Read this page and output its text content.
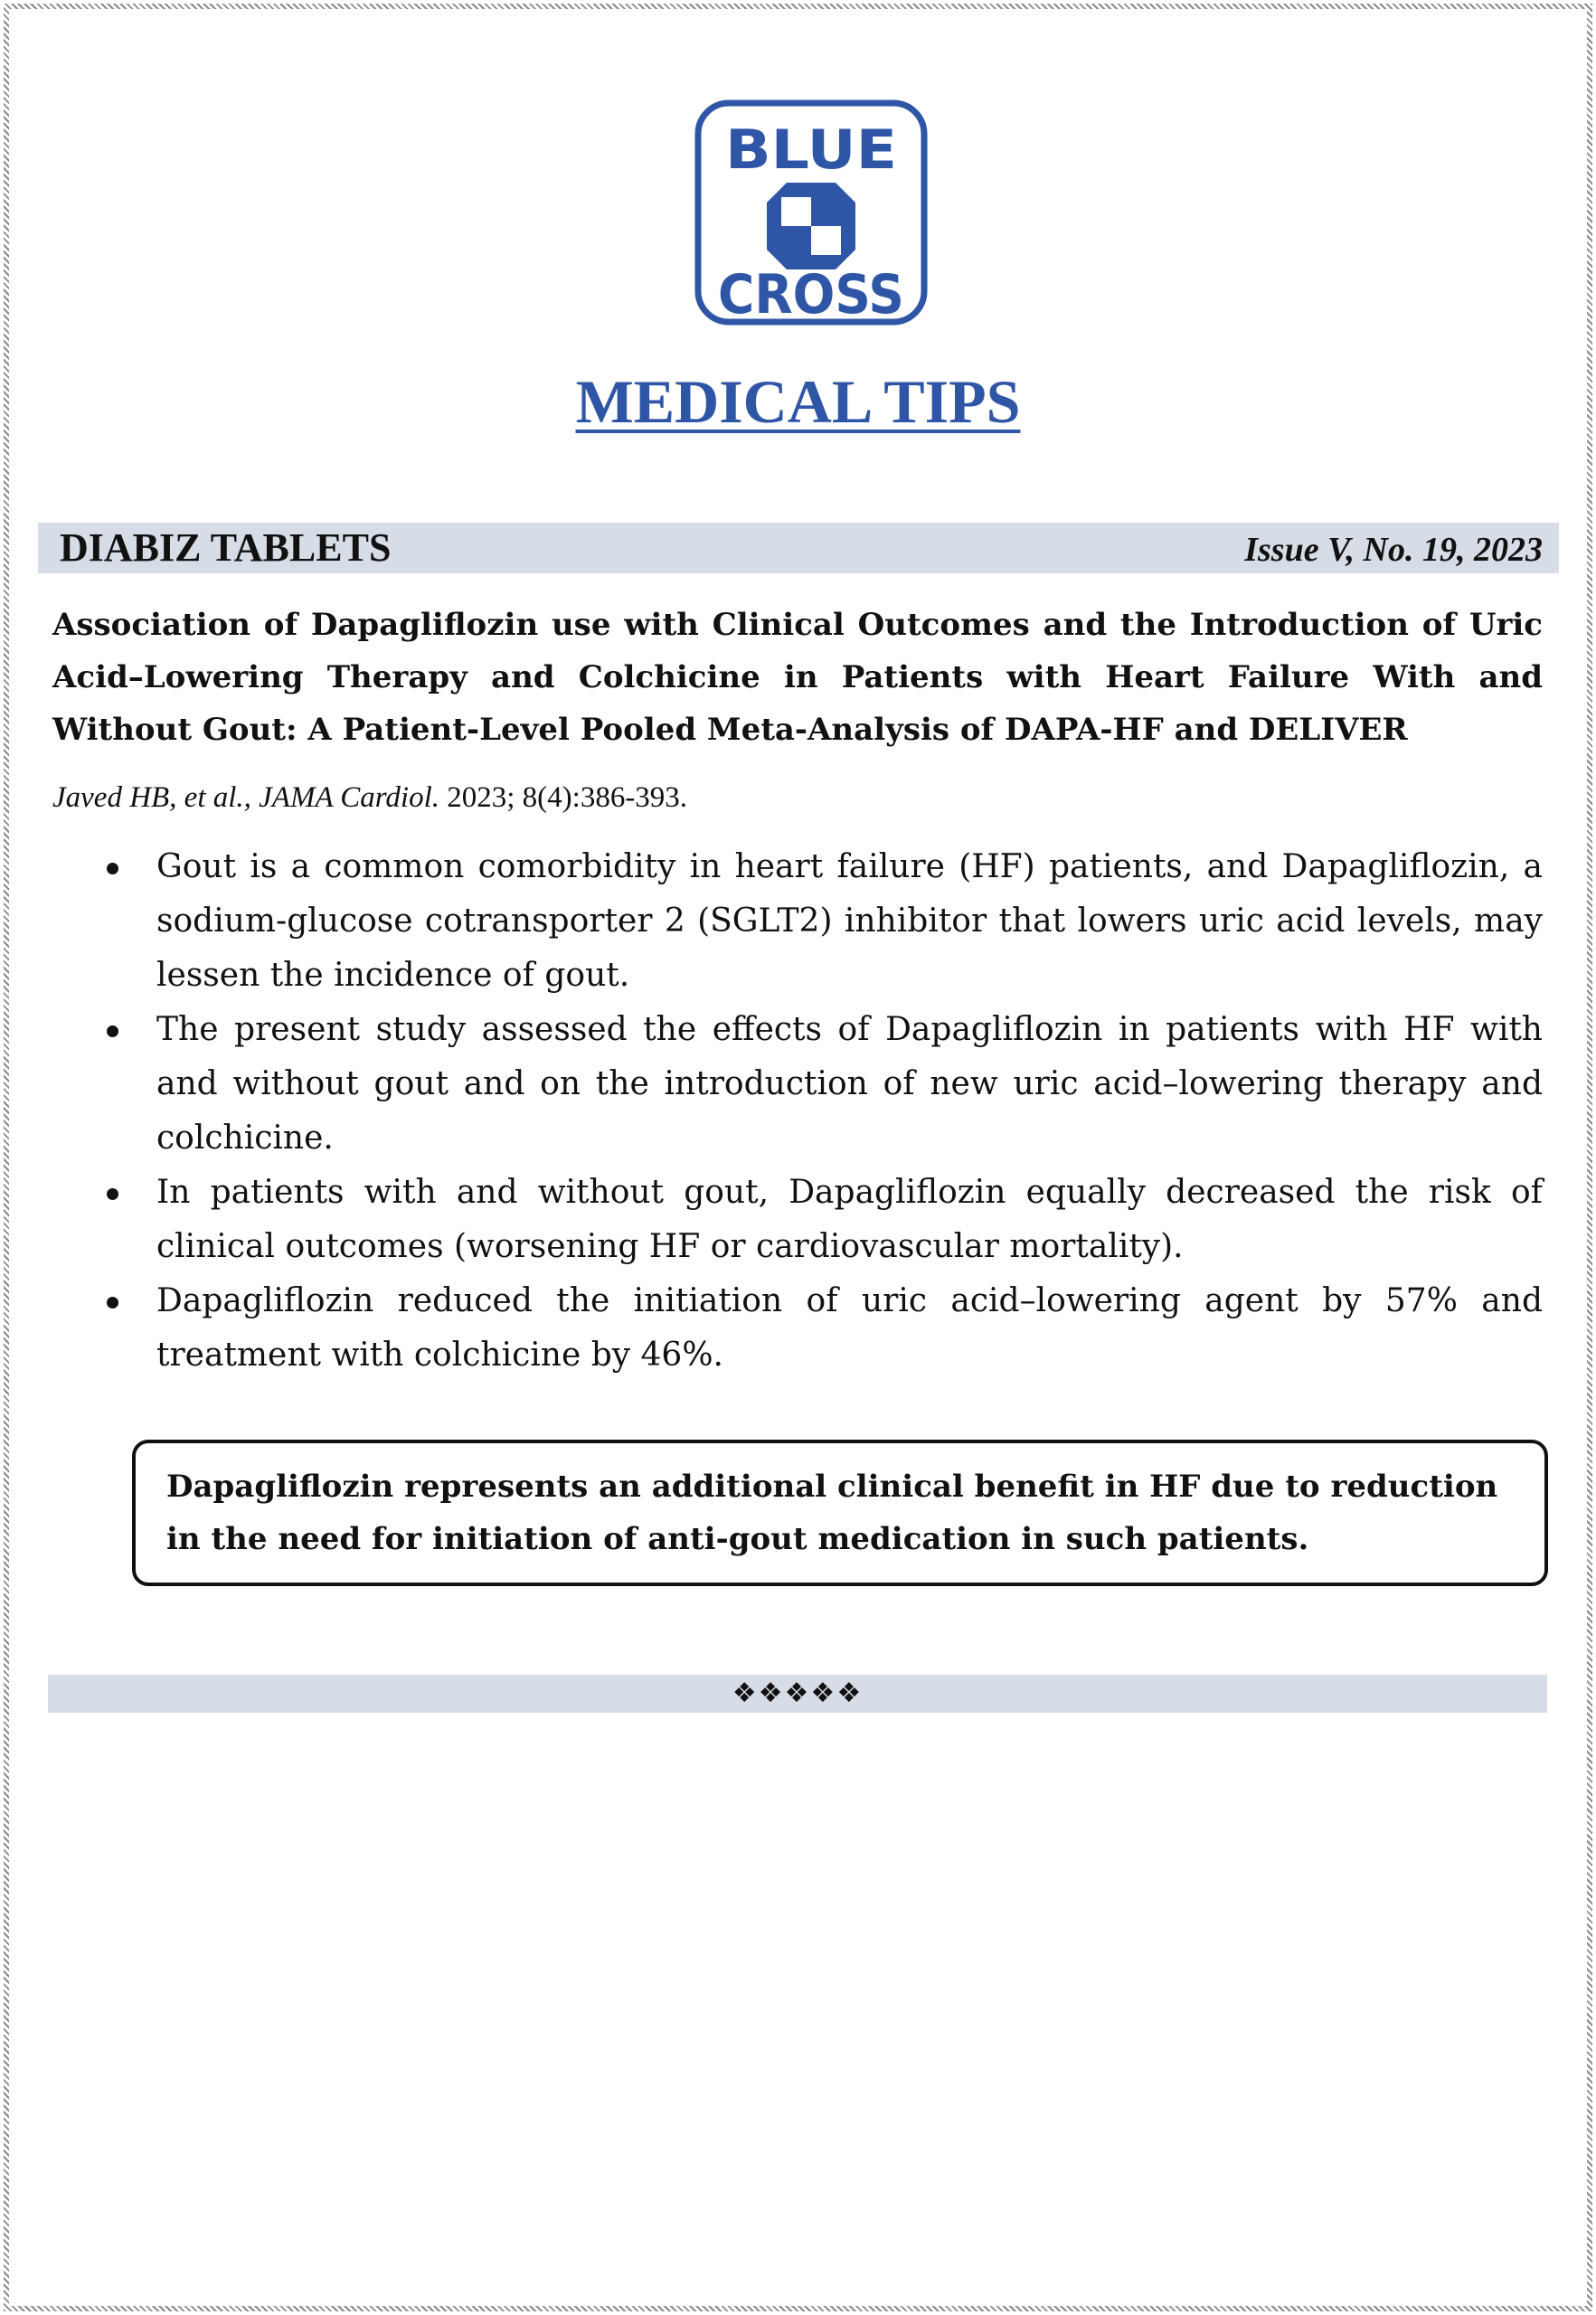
BLUE
CROSS
MEDICAL TIPS
DIABIZ TABLETS	Issue V, No. 19, 2023

Association of Dapagliflozin use with Clinical Outcomes and the Introduction of Uric Acid–Lowering Therapy and Colchicine in Patients with Heart Failure With and Without Gout: A Patient-Level Pooled Meta-Analysis of DAPA-HF and DELIVER

Javed HB, et al., JAMA Cardiol. 2023; 8(4):386-393.
Gout is a common comorbidity in heart failure (HF) patients, and Dapagliflozin, a sodium-glucose cotransporter 2 (SGLT2) inhibitor that lowers uric acid levels, may lessen the incidence of gout.
The present study assessed the effects of Dapagliflozin in patients with HF with and without gout and on the introduction of new uric acid–lowering therapy and colchicine.
In patients with and without gout, Dapagliflozin equally decreased the risk of clinical outcomes (worsening HF or cardiovascular mortality).
Dapagliflozin reduced the initiation of uric acid–lowering agent by 57% and treatment with colchicine by 46%.

Dapagliflozin represents an additional clinical benefit in HF due to reduction in the need for initiation of anti-gout medication in such patients.

❖❖❖❖❖
